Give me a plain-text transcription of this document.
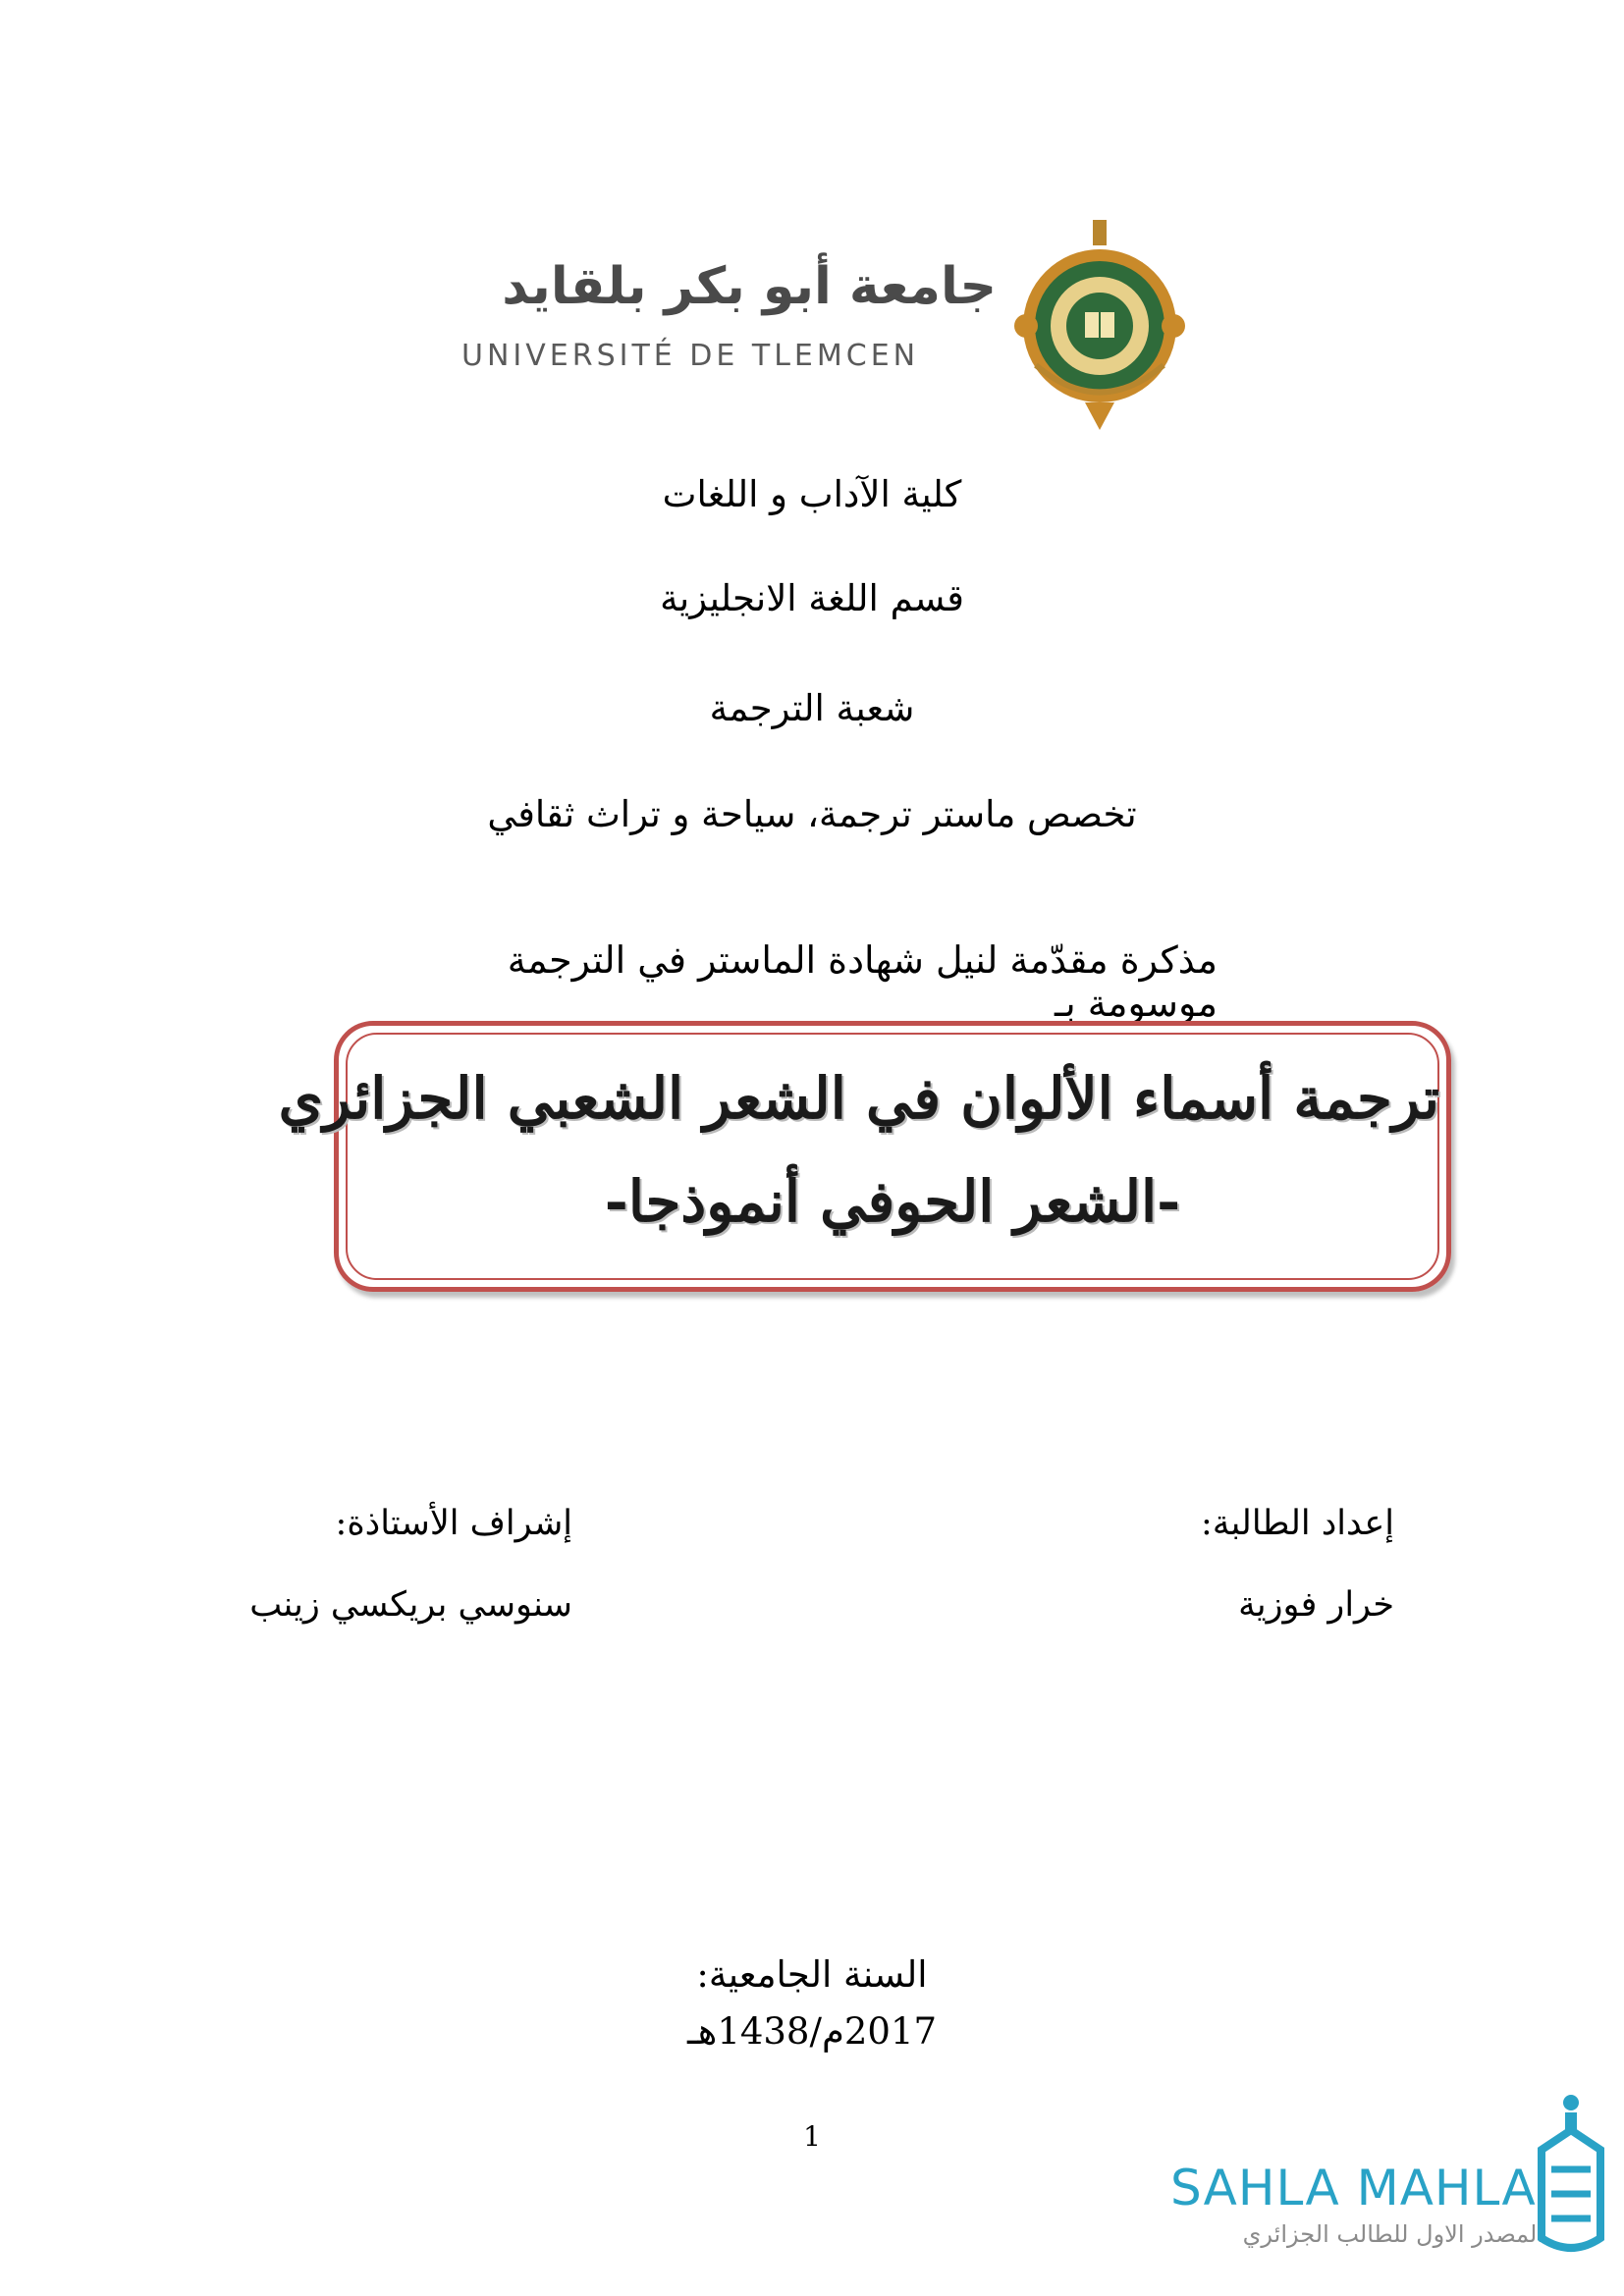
جامعة أبو بكر بلقايد
UNIVERSITÉ DE TLEMCEN
كلية الآداب و اللغات
قسم اللغة الانجليزية
شعبة الترجمة
تخصص ماستر ترجمة، سياحة و تراث ثقافي
مذكرة مقدّمة لنيل شهادة الماستر في الترجمة موسومة بـ
ترجمة أسماء الألوان في الشعر الشعبي الجزائري
-الشعر الحوفي أنموذجا-
إعداد الطالبة:
خرار فوزية
إشراف الأستاذة:
سنوسي بريكسي زينب
السنة الجامعية:
2017م/1438هـ
1
SAHLA MAHLA
المصدر الاول للطالب الجزائري
